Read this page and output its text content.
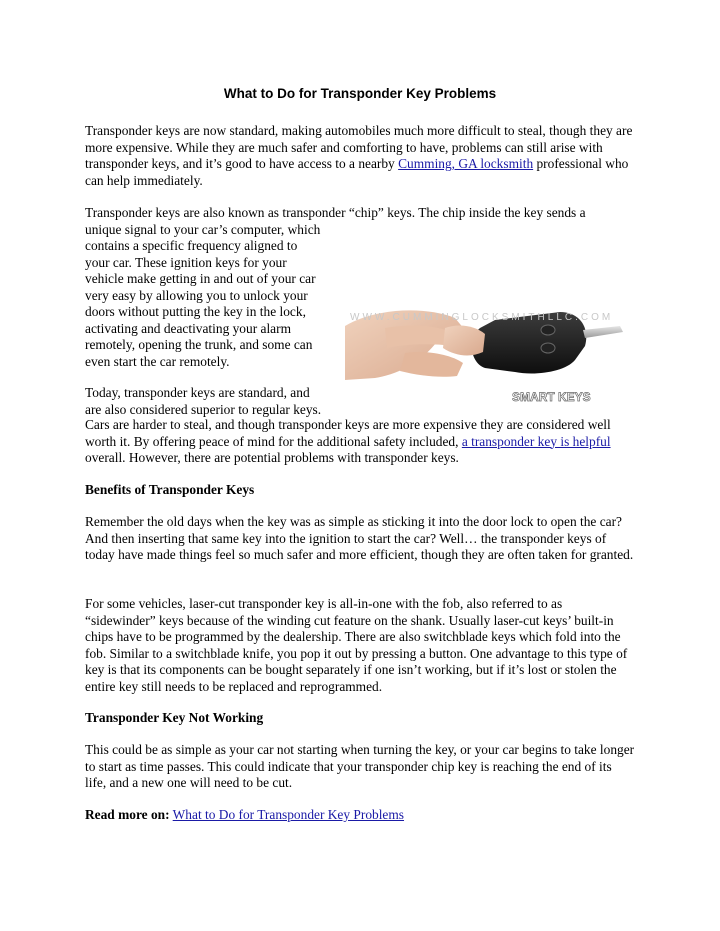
What to Do for Transponder Key Problems

Transponder keys are now standard, making automobiles much more difficult to steal, though they are more expensive. While they are much safer and comforting to have, problems can still arise with transponder keys, and it’s good to have access to a nearby Cumming, GA locksmith professional who can help immediately.

Transponder keys are also known as transponder “chip” keys. The chip inside the key sends a
unique signal to your car’s computer, which
contains a specific frequency aligned to
your car. These ignition keys for your
vehicle make getting in and out of your car
very easy by allowing you to unlock your
doors without putting the key in the lock,
activating and deactivating your alarm
remotely, opening the trunk, and some can
even start the car remotely.
WWW.CUMMINGLOCKSMITHLLC.COM
SMART KEYS
Today, transponder keys are standard, and
are also considered superior to regular keys.

Cars are harder to steal, and though transponder keys are more expensive they are considered well worth it. By offering peace of mind for the additional safety included, a transponder key is helpful overall. However, there are potential problems with transponder keys.

Benefits of Transponder Keys

Remember the old days when the key was as simple as sticking it into the door lock to open the car? And then inserting that same key into the ignition to start the car? Well… the transponder keys of today have made things feel so much safer and more efficient, though they are often taken for granted.

For some vehicles, laser-cut transponder key is all-in-one with the fob, also referred to as “sidewinder” keys because of the winding cut feature on the shank. Usually laser-cut keys’ built-in chips have to be programmed by the dealership. There are also switchblade keys which fold into the fob. Similar to a switchblade knife, you pop it out by pressing a button. One advantage to this type of key is that its components can be bought separately if one isn’t working, but if it’s lost or stolen the entire key still needs to be replaced and reprogrammed.

Transponder Key Not Working

This could be as simple as your car not starting when turning the key, or your car begins to take longer to start as time passes. This could indicate that your transponder chip key is reaching the end of its life, and a new one will need to be cut.

Read more on: What to Do for Transponder Key Problems
